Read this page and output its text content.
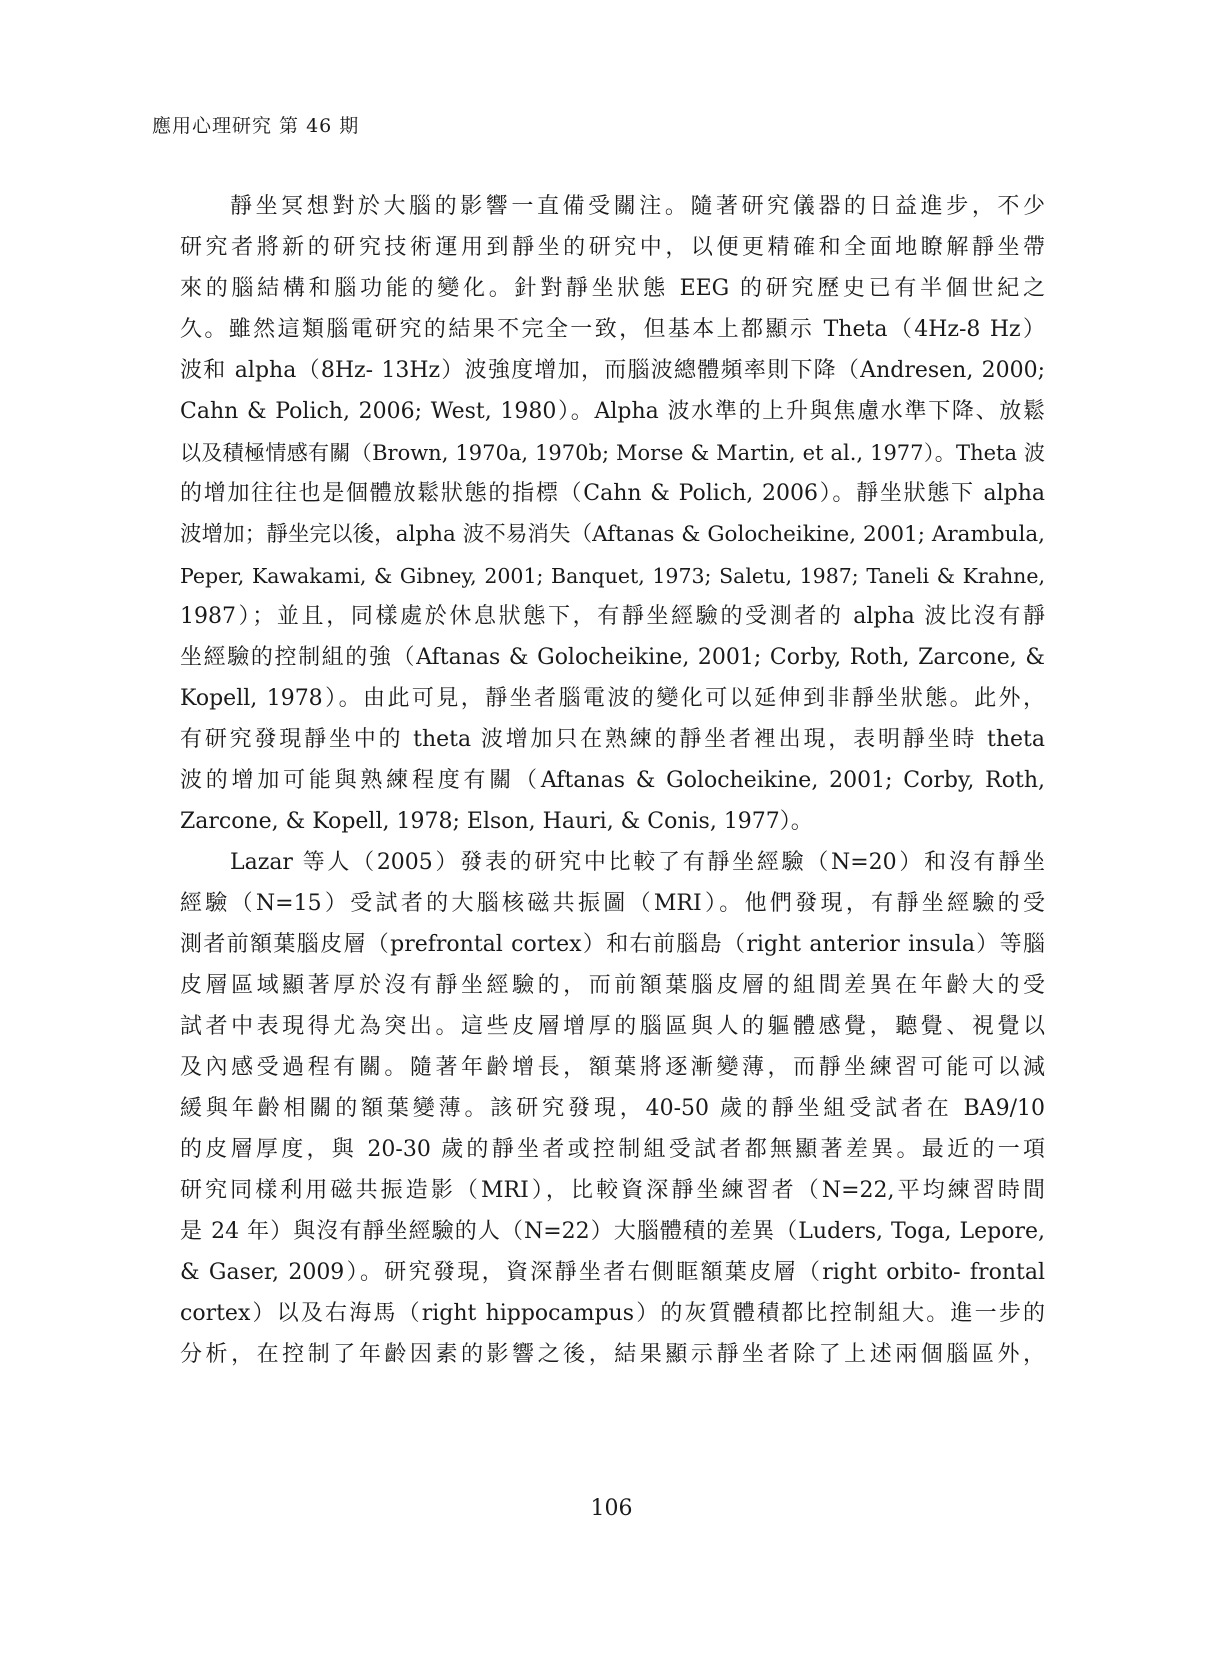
應用心理研究 第 46 期
靜坐冥想對於大腦的影響一直備受關注。隨著研究儀器的日益進步，不少
研究者將新的研究技術運用到靜坐的研究中，以便更精確和全面地瞭解靜坐帶
來的腦結構和腦功能的變化。針對靜坐狀態 EEG 的研究歷史已有半個世紀之
久。雖然這類腦電研究的結果不完全一致，但基本上都顯示 Theta（4Hz-8 Hz）
波和 alpha（8Hz- 13Hz）波強度增加，而腦波總體頻率則下降（Andresen, 2000;
Cahn & Polich, 2006; West, 1980）。Alpha 波水準的上升與焦慮水準下降、放鬆
以及積極情感有關（Brown, 1970a, 1970b; Morse & Martin, et al., 1977）。Theta 波
的增加往往也是個體放鬆狀態的指標（Cahn & Polich, 2006）。靜坐狀態下 alpha
波增加；靜坐完以後，alpha 波不易消失（Aftanas & Golocheikine, 2001; Arambula,
Peper, Kawakami, & Gibney, 2001; Banquet, 1973; Saletu, 1987; Taneli & Krahne,
1987）；並且，同樣處於休息狀態下，有靜坐經驗的受測者的 alpha 波比沒有靜
坐經驗的控制組的強（Aftanas & Golocheikine, 2001; Corby, Roth, Zarcone, &
Kopell, 1978）。由此可見，靜坐者腦電波的變化可以延伸到非靜坐狀態。此外，
有研究發現靜坐中的 theta 波增加只在熟練的靜坐者裡出現，表明靜坐時 theta
波的增加可能與熟練程度有關（Aftanas & Golocheikine, 2001; Corby, Roth,
Zarcone, & Kopell, 1978; Elson, Hauri, & Conis, 1977）。
Lazar 等人（2005）發表的研究中比較了有靜坐經驗（N=20）和沒有靜坐
經驗（N=15）受試者的大腦核磁共振圖（MRI）。他們發現，有靜坐經驗的受
測者前額葉腦皮層（prefrontal cortex）和右前腦島（right anterior insula）等腦
皮層區域顯著厚於沒有靜坐經驗的，而前額葉腦皮層的組間差異在年齡大的受
試者中表現得尤為突出。這些皮層增厚的腦區與人的軀體感覺，聽覺、視覺以
及內感受過程有關。隨著年齡增長，額葉將逐漸變薄，而靜坐練習可能可以減
緩與年齡相關的額葉變薄。該研究發現，40-50 歲的靜坐組受試者在 BA9/10
的皮層厚度，與 20-30 歲的靜坐者或控制組受試者都無顯著差異。最近的一項
研究同樣利用磁共振造影（MRI），比較資深靜坐練習者（N=22,平均練習時間
是 24 年）與沒有靜坐經驗的人（N=22）大腦體積的差異（Luders, Toga, Lepore,
& Gaser, 2009）。研究發現，資深靜坐者右側眶額葉皮層（right orbito- frontal
cortex）以及右海馬（right hippocampus）的灰質體積都比控制組大。進一步的
分析，在控制了年齡因素的影響之後，結果顯示靜坐者除了上述兩個腦區外，
106
